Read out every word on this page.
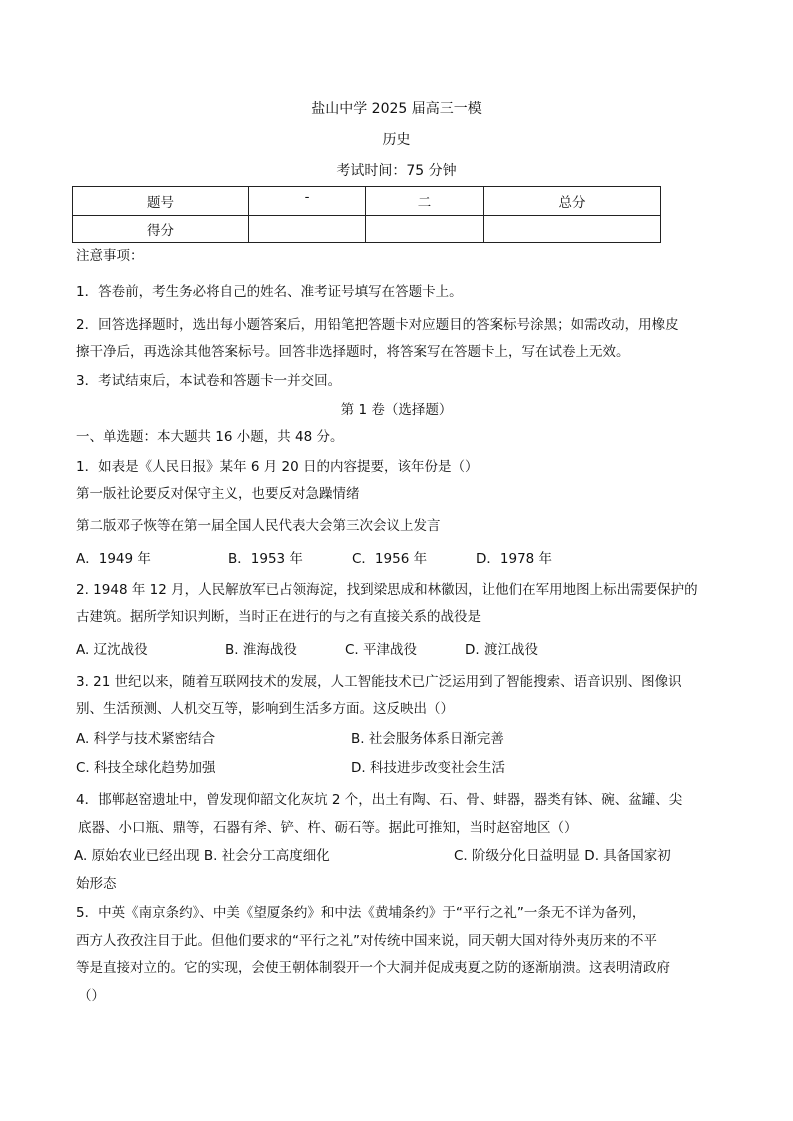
盐山中学 2025 届高三一模
历史
考试时间：75 分钟
题号	-	二	总分
得分			
注意事项：
1．答卷前，考生务必将自己的姓名、准考证号填写在答题卡上。
2．回答选择题时，选出每小题答案后，用铅笔把答题卡对应题目的答案标号涂黑；如需改动，用橡皮
擦干净后，再选涂其他答案标号。回答非选择题时，将答案写在答题卡上，写在试卷上无效。
3．考试结束后，本试卷和答题卡一并交回。
第 1 卷（选择题）
一、单选题：本大题共 16 小题，共 48 分。
1．如表是《人民日报》某年 6 月 20 日的内容提要，该年份是（）
第一版社论要反对保守主义，也要反对急躁情绪
第二版邓子恢等在第一届全国人民代表大会第三次会议上发言
A．1949 年	B．1953 年	C．1956 年	D．1978 年
2. 1948 年 12 月，人民解放军已占领海淀，找到梁思成和林徽因，让他们在军用地图上标出需要保护的
古建筑。据所学知识判断，当时正在进行的与之有直接关系的战役是
A. 辽沈战役	B. 淮海战役	C. 平津战役	D. 渡江战役
3. 21 世纪以来，随着互联网技术的发展，人工智能技术已广泛运用到了智能搜索、语音识别、图像识
别、生活预测、人机交互等，影响到生活多方面。这反映出（）
A. 科学与技术紧密结合	B. 社会服务体系日渐完善
C. 科技全球化趋势加强	D. 科技进步改变社会生活
4．邯郸赵窑遗址中，曾发现仰韶文化灰坑 2 个，出土有陶、石、骨、蚌器，器类有钵、碗、盆罐、尖
底器、小口瓶、鼎等，石器有斧、铲、杵、砺石等。据此可推知，当时赵窑地区（）
A. 原始农业已经出现 B. 社会分工高度细化	C. 阶级分化日益明显 D. 具备国家初
始形态
5．中英《南京条约》、中美《望厦条约》和中法《黄埔条约》于“平行之礼”一条无不详为备列，
西方人孜孜注目于此。但他们要求的“平行之礼”对传统中国来说，同天朝大国对待外夷历来的不平
等是直接对立的。它的实现，会使王朝体制裂开一个大洞并促成夷夏之防的逐渐崩溃。这表明清政府
（）
